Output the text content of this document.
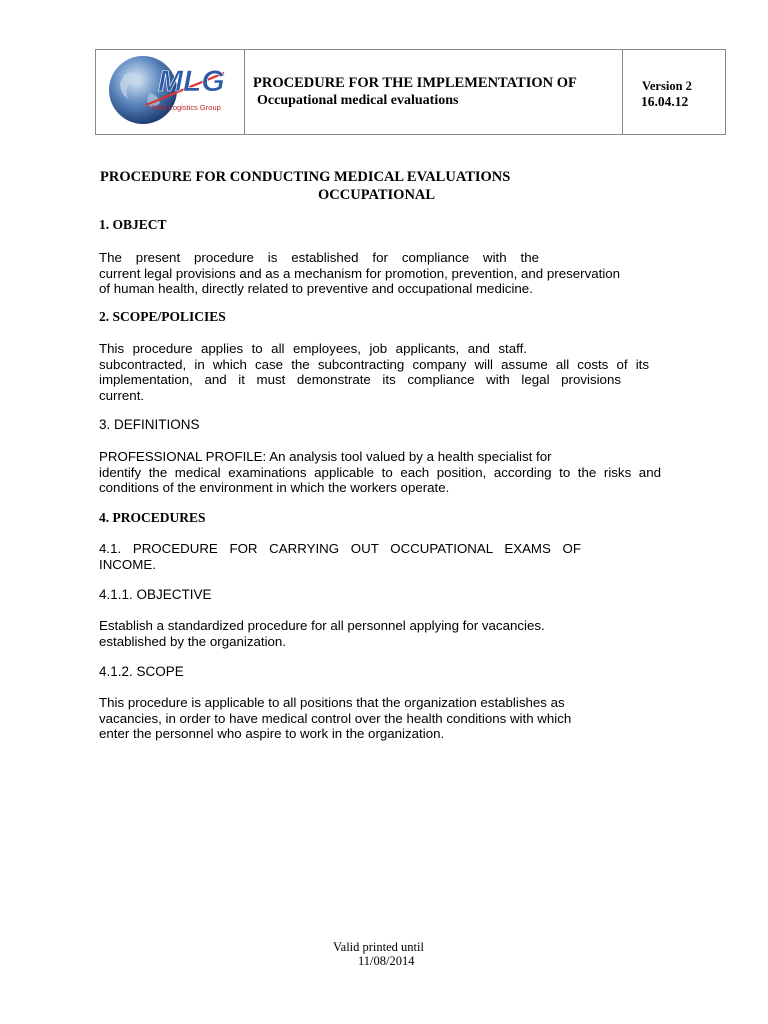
MLG
Med Logistics Group
PROCEDURE FOR THE IMPLEMENTATION OF
Occupational medical evaluations
Version 2
16.04.12
PROCEDURE FOR CONDUCTING MEDICAL EVALUATIONS
OCCUPATIONAL
1. OBJECT
The present procedure is established for compliance with the
current legal provisions and as a mechanism for promotion, prevention, and preservation
of human health, directly related to preventive and occupational medicine.
2. SCOPE/POLICIES
This procedure applies to all employees, job applicants, and staff.
subcontracted, in which case the subcontracting company will assume all costs of its
implementation, and it must demonstrate its compliance with legal provisions
current.
3. DEFINITIONS
PROFESSIONAL PROFILE: An analysis tool valued by a health specialist for
identify the medical examinations applicable to each position, according to the risks and
conditions of the environment in which the workers operate.
4. PROCEDURES
4.1. PROCEDURE FOR CARRYING OUT OCCUPATIONAL EXAMS OF
INCOME.
4.1.1. OBJECTIVE
Establish a standardized procedure for all personnel applying for vacancies.
established by the organization.
4.1.2. SCOPE
This procedure is applicable to all positions that the organization establishes as
vacancies, in order to have medical control over the health conditions with which
enter the personnel who aspire to work in the organization.
Valid printed until
11/08/2014
